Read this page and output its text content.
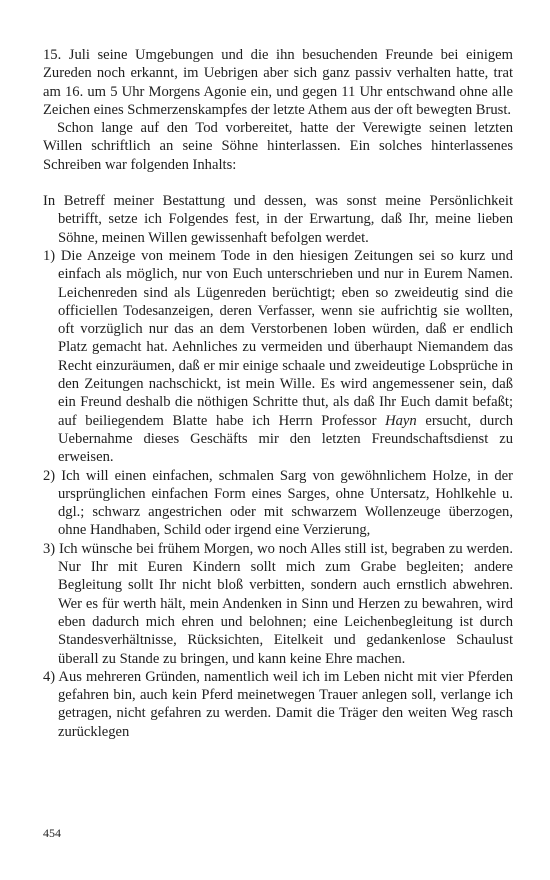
15. Juli seine Umgebungen und die ihn besuchenden Freunde bei einigem Zureden noch erkannt, im Uebrigen aber sich ganz passiv verhalten hatte, trat am 16. um 5 Uhr Morgens Agonie ein, und gegen 11 Uhr entschwand ohne alle Zeichen eines Schmerzenskampfes der letzte Athem aus der oft bewegten Brust.

Schon lange auf den Tod vorbereitet, hatte der Verewigte seinen letzten Willen schriftlich an seine Söhne hinterlassen. Ein solches hinterlassenes Schreiben war folgenden Inhalts:

In Betreff meiner Bestattung und dessen, was sonst meine Persönlichkeit betrifft, setze ich Folgendes fest, in der Erwartung, daß Ihr, meine lieben Söhne, meinen Willen gewissenhaft befolgen werdet.

1) Die Anzeige von meinem Tode in den hiesigen Zeitungen sei so kurz und einfach als möglich, nur von Euch unterschrieben und nur in Eurem Namen. Leichenreden sind als Lügenreden berüchtigt; eben so zweideutig sind die officiellen Todesanzeigen, deren Verfasser, wenn sie aufrichtig sie wollten, oft vorzüglich nur das an dem Verstorbenen loben würden, daß er endlich Platz gemacht hat. Aehnliches zu vermeiden und überhaupt Niemandem das Recht einzuräumen, daß er mir einige schaale und zweideutige Lobsprüche in den Zeitungen nachschickt, ist mein Wille. Es wird angemessener sein, daß ein Freund deshalb die nöthigen Schritte thut, als daß Ihr Euch damit befaßt; auf beiliegendem Blatte habe ich Herrn Professor Hayn ersucht, durch Uebernahme dieses Geschäfts mir den letzten Freundschaftsdienst zu erweisen.

2) Ich will einen einfachen, schmalen Sarg von gewöhnlichem Holze, in der ursprünglichen einfachen Form eines Sarges, ohne Untersatz, Hohlkehle u. dgl.; schwarz angestrichen oder mit schwarzem Wollenzeuge überzogen, ohne Handhaben, Schild oder irgend eine Verzierung,

3) Ich wünsche bei frühem Morgen, wo noch Alles still ist, begraben zu werden. Nur Ihr mit Euren Kindern sollt mich zum Grabe begleiten; andere Begleitung sollt Ihr nicht bloß verbitten, sondern auch ernstlich abwehren. Wer es für werth hält, mein Andenken in Sinn und Herzen zu bewahren, wird eben dadurch mich ehren und belohnen; eine Leichenbegleitung ist durch Standesverhältnisse, Rücksichten, Eitelkeit und gedankenlose Schaulust überall zu Stande zu bringen, und kann keine Ehre machen.

4) Aus mehreren Gründen, namentlich weil ich im Leben nicht mit vier Pferden gefahren bin, auch kein Pferd meinetwegen Trauer anlegen soll, verlange ich getragen, nicht gefahren zu werden. Damit die Träger den weiten Weg rasch zurücklegen

454
